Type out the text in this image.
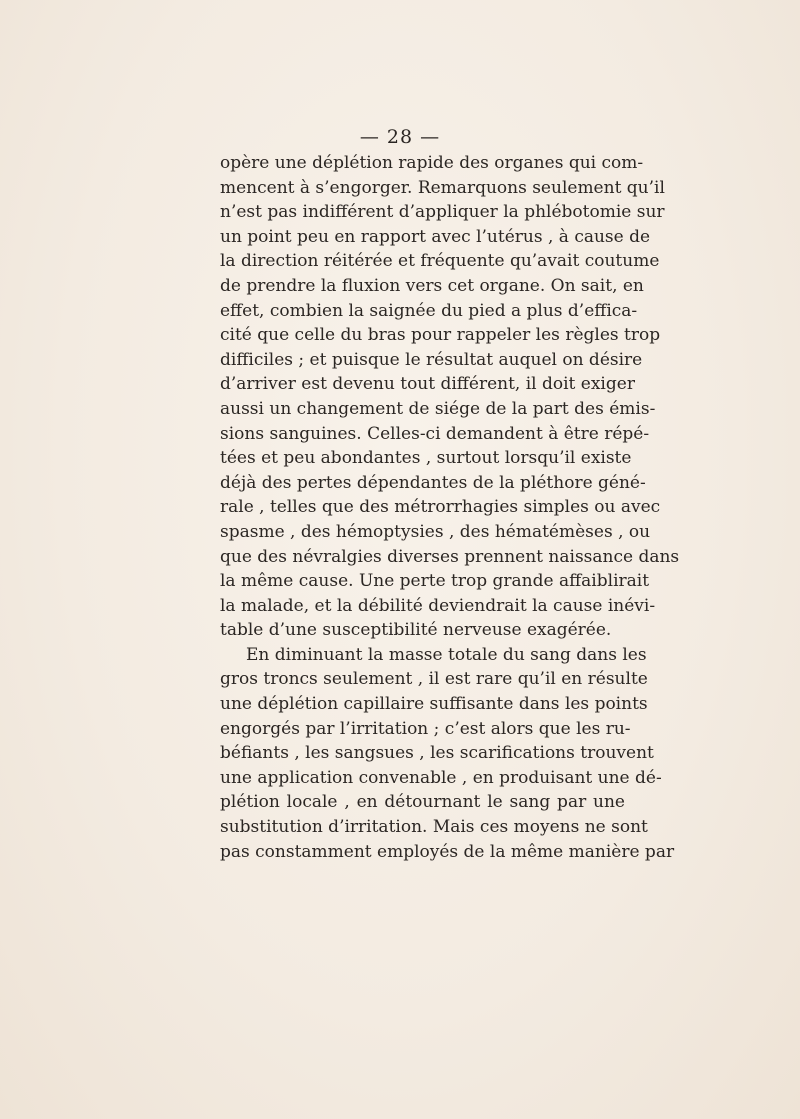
— 28 —
opère une déplétion rapide des organes qui com-
mencent à s’engorger. Remarquons seulement qu’il
n’est pas indifférent d’appliquer la phlébotomie sur
un point peu en rapport avec l’utérus , à cause de
la direction réitérée et fréquente qu’avait coutume
de prendre la fluxion vers cet organe. On sait, en
effet, combien la saignée du pied a plus d’effica-
cité que celle du bras pour rappeler les règles trop
difficiles ; et puisque le résultat auquel on désire
d’arriver est devenu tout différent, il doit exiger
aussi un changement de siége de la part des émis-
sions sanguines. Celles-ci demandent à être répé-
tées et peu abondantes , surtout lorsqu’il existe
déjà des pertes dépendantes de la pléthore géné-
rale , telles que des métrorrhagies simples ou avec
spasme , des hémoptysies , des hématémèses , ou
que des névralgies diverses prennent naissance dans
la même cause. Une perte trop grande affaiblirait
la malade, et la débilité deviendrait la cause inévi-
table d’une susceptibilité nerveuse exagérée.
En diminuant la masse totale du sang dans les
gros troncs seulement , il est rare qu’il en résulte
une déplétion capillaire suffisante dans les points
engorgés par l’irritation ; c’est alors que les ru-
béfiants , les sangsues , les scarifications trouvent
une application convenable , en produisant une dé-
plétion locale , en détournant le sang par une
substitution d’irritation. Mais ces moyens ne sont
pas constamment employés de la même manière par
